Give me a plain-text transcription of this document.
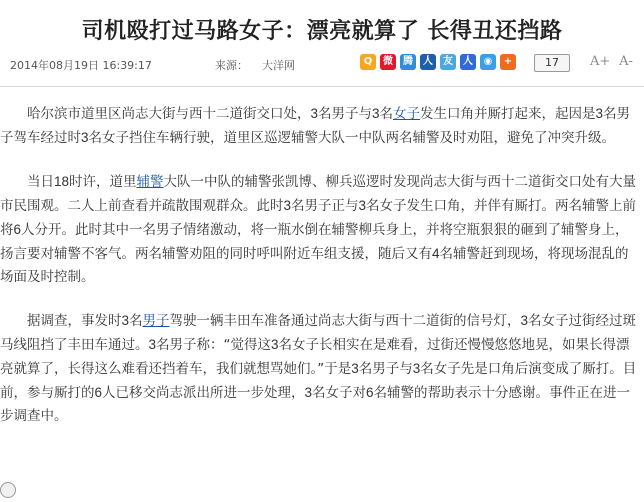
司机殴打过马路女子：漂亮就算了 长得丑还挡路
2014年08月19日 16:39:17	来源： 大洋网	Q	微	腾	人	友	人	◉	+	17	A+ A-

哈尔滨市道里区尚志大街与西十二道街交口处，3名男子与3名女子发生口角并厮打起来，起因是3名男子驾车经过时3名女子挡住车辆行驶，道里区巡逻辅警大队一中队两名辅警及时劝阻，避免了冲突升级。

当日18时许，道里辅警大队一中队的辅警张凯博、柳兵巡逻时发现尚志大街与西十二道街交口处有大量市民围观。二人上前查看并疏散围观群众。此时3名男子正与3名女子发生口角，并伴有厮打。两名辅警上前将6人分开。此时其中一名男子情绪激动，将一瓶水倒在辅警柳兵身上，并将空瓶狠狠的砸到了辅警身上，扬言要对辅警不客气。两名辅警劝阻的同时呼叫附近车组支援，随后又有4名辅警赶到现场，将现场混乱的场面及时控制。

据调查，事发时3名男子驾驶一辆丰田车准备通过尚志大街与西十二道街的信号灯，3名女子过街经过斑马线阻挡了丰田车通过。3名男子称：“觉得这3名女子长相实在是难看，过街还慢慢悠悠地晃，如果长得漂亮就算了，长得这么难看还挡着车，我们就想骂她们。”于是3名男子与3名女子先是口角后演变成了厮打。目前，参与厮打的6人已移交尚志派出所进一步处理，3名女子对6名辅警的帮助表示十分感谢。事件正在进一步调查中。
